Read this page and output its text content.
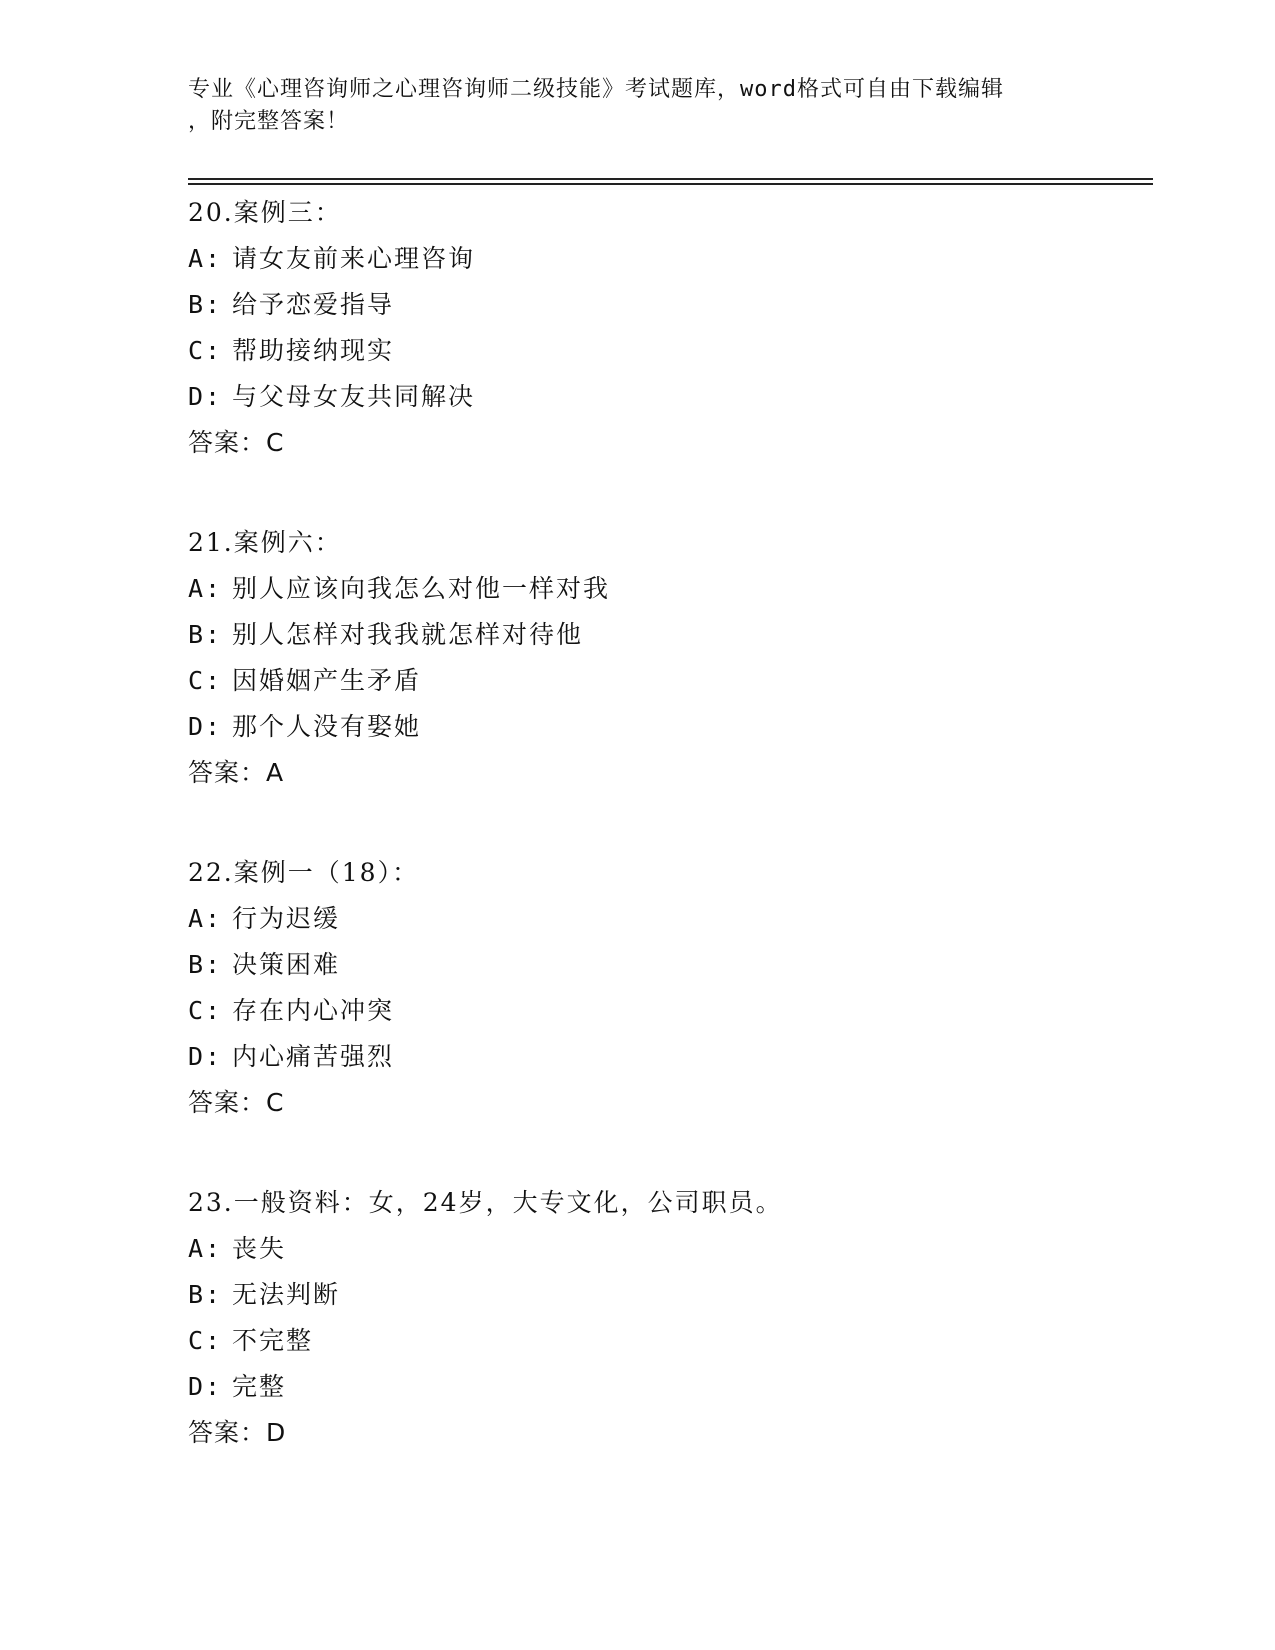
专业《心理咨询师之心理咨询师二级技能》考试题库，word格式可自由下载编辑
，附完整答案！
20.案例三：
A: 请女友前来心理咨询
B: 给予恋爱指导
C: 帮助接纳现实
D: 与父母女友共同解决
答案：C
21.案例六：
A: 别人应该向我怎么对他一样对我
B: 别人怎样对我我就怎样对待他
C: 因婚姻产生矛盾
D: 那个人没有娶她
答案：A
22.案例一（18）：
A: 行为迟缓
B: 决策困难
C: 存在内心冲突
D: 内心痛苦强烈
答案：C
23.一般资料：女，24岁，大专文化，公司职员。
A: 丧失
B: 无法判断
C: 不完整
D: 完整
答案：D
